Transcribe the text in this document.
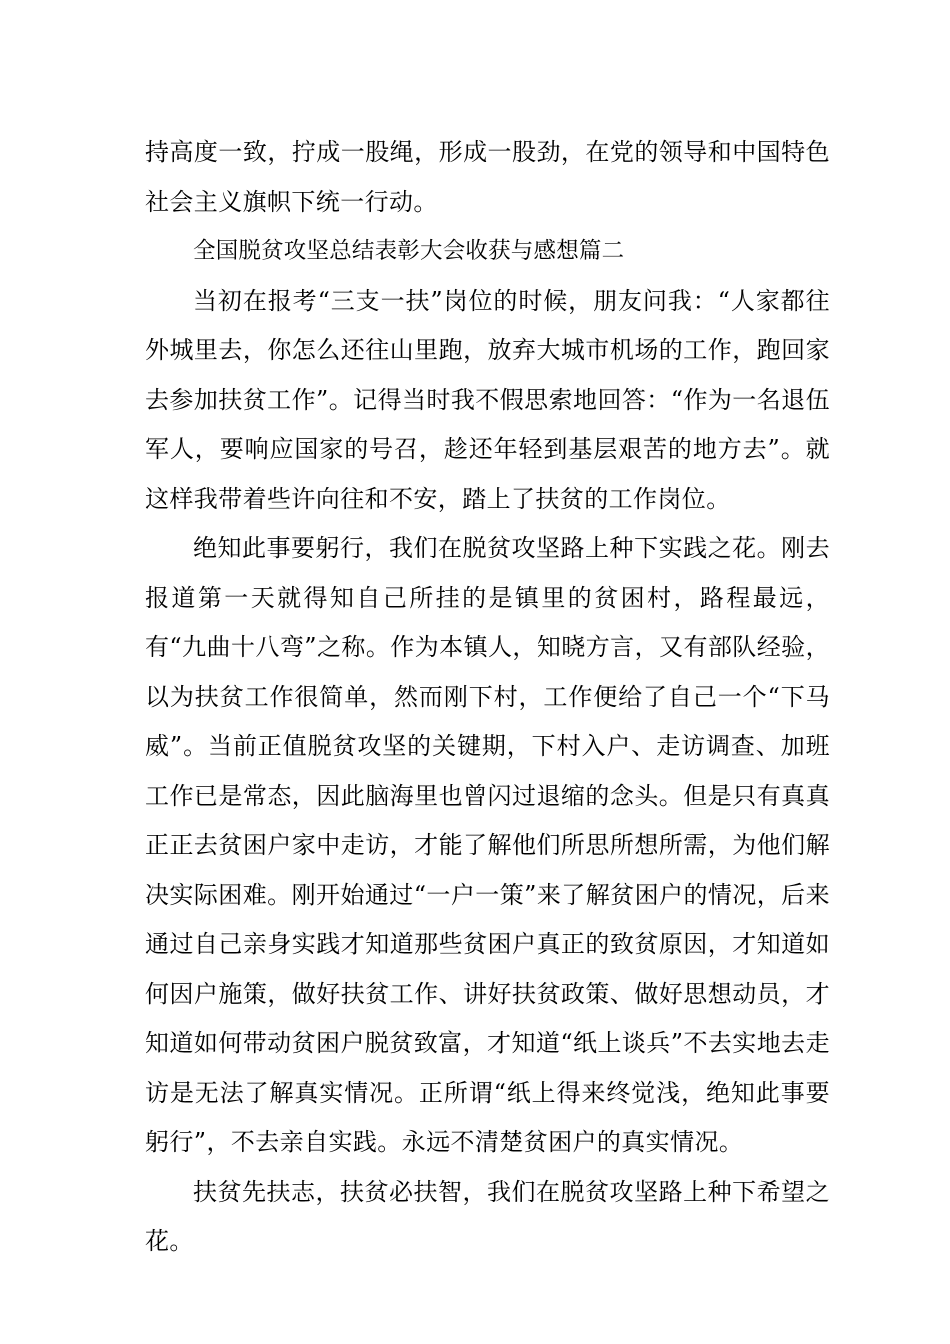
持高度一致，拧成一股绳，形成一股劲，在党的领导和中国特色社会主义旗帜下统一行动。

全国脱贫攻坚总结表彰大会收获与感想篇二

当初在报考“三支一扶”岗位的时候，朋友问我：“人家都往外城里去，你怎么还往山里跑，放弃大城市机场的工作，跑回家去参加扶贫工作”。记得当时我不假思索地回答：“作为一名退伍军人，要响应国家的号召，趁还年轻到基层艰苦的地方去”。就这样我带着些许向往和不安，踏上了扶贫的工作岗位。

绝知此事要躬行，我们在脱贫攻坚路上种下实践之花。刚去报道第一天就得知自己所挂的是镇里的贫困村，路程最远，有“九曲十八弯”之称。作为本镇人，知晓方言，又有部队经验，以为扶贫工作很简单，然而刚下村，工作便给了自己一个“下马威”。当前正值脱贫攻坚的关键期，下村入户、走访调查、加班工作已是常态，因此脑海里也曾闪过退缩的念头。但是只有真真正正去贫困户家中走访，才能了解他们所思所想所需，为他们解决实际困难。刚开始通过“一户一策”来了解贫困户的情况，后来通过自己亲身实践才知道那些贫困户真正的致贫原因，才知道如何因户施策，做好扶贫工作、讲好扶贫政策、做好思想动员，才知道如何带动贫困户脱贫致富，才知道“纸上谈兵”不去实地去走访是无法了解真实情况。正所谓“纸上得来终觉浅，绝知此事要躬行”，不去亲自实践。永远不清楚贫困户的真实情况。

扶贫先扶志，扶贫必扶智，我们在脱贫攻坚路上种下希望之花。
